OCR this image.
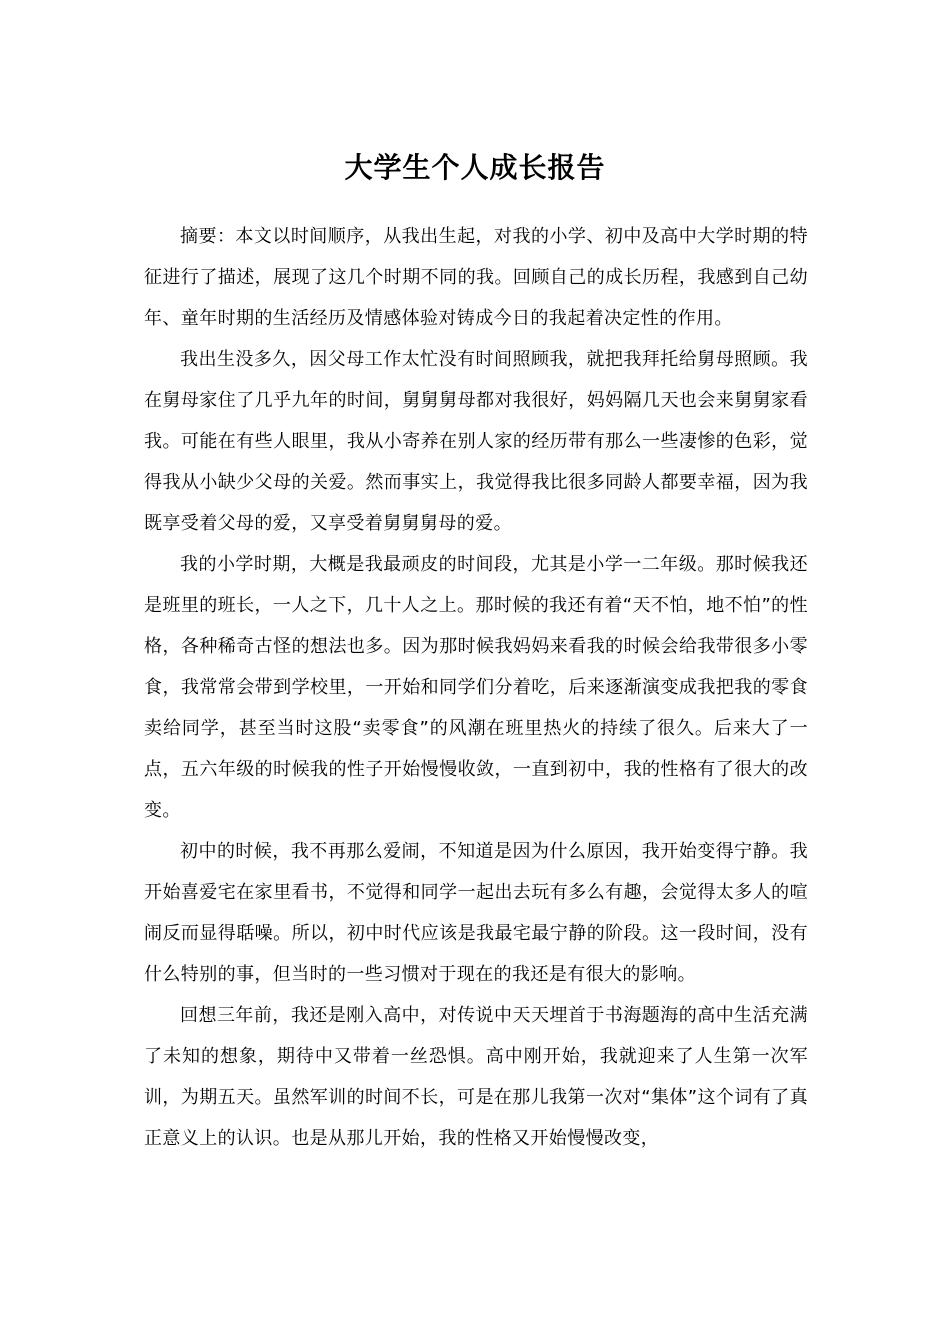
大学生个人成长报告

摘要：本文以时间顺序，从我出生起，对我的小学、初中及高中大学时期的特征进行了描述，展现了这几个时期不同的我。回顾自己的成长历程，我感到自己幼年、童年时期的生活经历及情感体验对铸成今日的我起着决定性的作用。

我出生没多久，因父母工作太忙没有时间照顾我，就把我拜托给舅母照顾。我在舅母家住了几乎九年的时间，舅舅舅母都对我很好，妈妈隔几天也会来舅舅家看我。可能在有些人眼里，我从小寄养在别人家的经历带有那么一些凄惨的色彩，觉得我从小缺少父母的关爱。然而事实上，我觉得我比很多同龄人都要幸福，因为我既享受着父母的爱，又享受着舅舅舅母的爱。

我的小学时期，大概是我最顽皮的时间段，尤其是小学一二年级。那时候我还是班里的班长，一人之下，几十人之上。那时候的我还有着“天不怕，地不怕”的性格，各种稀奇古怪的想法也多。因为那时候我妈妈来看我的时候会给我带很多小零食，我常常会带到学校里，一开始和同学们分着吃，后来逐渐演变成我把我的零食卖给同学，甚至当时这股“卖零食”的风潮在班里热火的持续了很久。后来大了一点，五六年级的时候我的性子开始慢慢收敛，一直到初中，我的性格有了很大的改变。

初中的时候，我不再那么爱闹，不知道是因为什么原因，我开始变得宁静。我开始喜爱宅在家里看书，不觉得和同学一起出去玩有多么有趣，会觉得太多人的喧闹反而显得聒噪。所以，初中时代应该是我最宅最宁静的阶段。这一段时间，没有什么特别的事，但当时的一些习惯对于现在的我还是有很大的影响。

回想三年前，我还是刚入高中，对传说中天天埋首于书海题海的高中生活充满了未知的想象，期待中又带着一丝恐惧。高中刚开始，我就迎来了人生第一次军训，为期五天。虽然军训的时间不长，可是在那儿我第一次对“集体”这个词有了真正意义上的认识。也是从那儿开始，我的性格又开始慢慢改变，
